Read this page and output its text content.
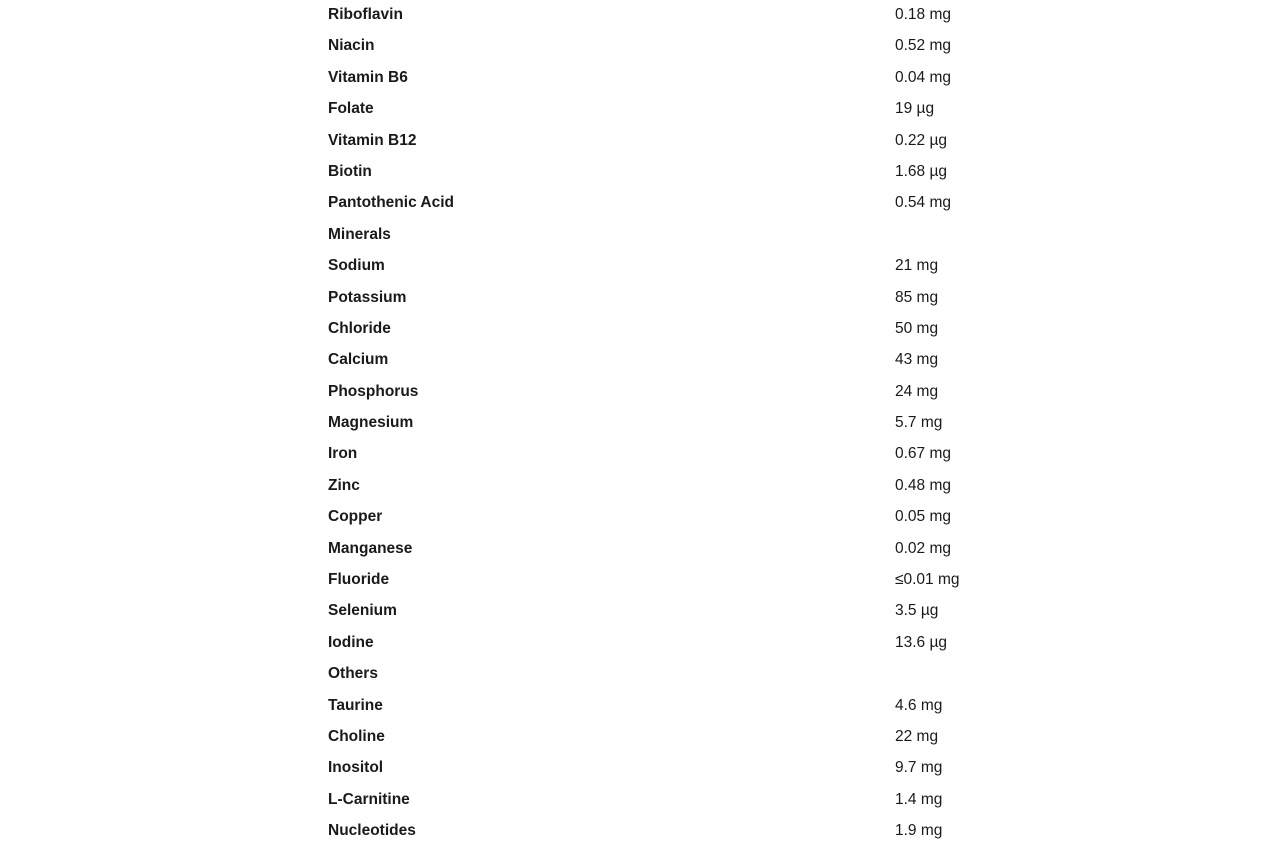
Riboflavin	0.18 mg
Niacin	0.52 mg
Vitamin B6	0.04 mg
Folate	19 µg
Vitamin B12	0.22 µg
Biotin	1.68 µg
Pantothenic Acid	0.54 mg
Minerals
Sodium	21 mg
Potassium	85 mg
Chloride	50 mg
Calcium	43 mg
Phosphorus	24 mg
Magnesium	5.7 mg
Iron	0.67 mg
Zinc	0.48 mg
Copper	0.05 mg
Manganese	0.02 mg
Fluoride	≤0.01 mg
Selenium	3.5 µg
Iodine	13.6 µg
Others
Taurine	4.6 mg
Choline	22 mg
Inositol	9.7 mg
L-Carnitine	1.4 mg
Nucleotides	1.9 mg
